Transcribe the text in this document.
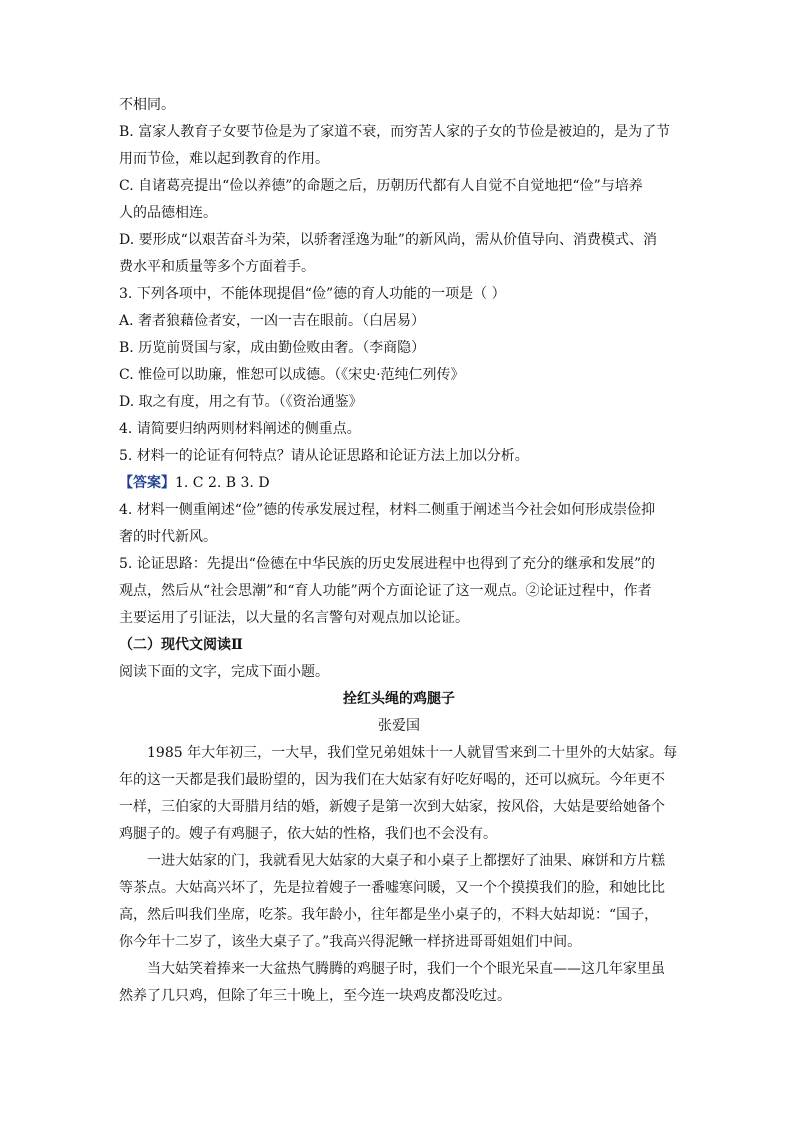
不相同。

B. 富家人教育子女要节俭是为了家道不衰，而穷苦人家的子女的节俭是被迫的，是为了节

用而节俭，难以起到教育的作用。

C. 自诸葛亮提出“俭以养德”的命题之后，历朝历代都有人自觉不自觉地把“俭”与培养

人的品德相连。

D. 要形成“以艰苦奋斗为荣，以骄奢淫逸为耻”的新风尚，需从价值导向、消费模式、消

费水平和质量等多个方面着手。

3. 下列各项中，不能体现提倡“俭”德的育人功能的一项是（ ）

A. 奢者狼藉俭者安，一凶一吉在眼前。（白居易）

B. 历览前贤国与家，成由勤俭败由奢。（李商隐）

C. 惟俭可以助廉，惟恕可以成德。（《宋史·范纯仁列传》

D. 取之有度，用之有节。（《资治通鉴》

4. 请简要归纳两则材料阐述的侧重点。

5. 材料一的论证有何特点？请从论证思路和论证方法上加以分析。

【答案】1. C 2. B 3. D

4. 材料一侧重阐述“俭”德的传承发展过程，材料二侧重于阐述当今社会如何形成崇俭抑

奢的时代新风。

5. 论证思路：先提出“俭德在中华民族的历史发展进程中也得到了充分的继承和发展”的

观点，然后从“社会思潮”和“育人功能”两个方面论证了这一观点。②论证过程中，作者

主要运用了引证法，以大量的名言警句对观点加以论证。

（二）现代文阅读Ⅱ

阅读下面的文字，完成下面小题。

拴红头绳的鸡腿子

张爱国

1985 年大年初三，一大早，我们堂兄弟姐妹十一人就冒雪来到二十里外的大姑家。每

年的这一天都是我们最盼望的，因为我们在大姑家有好吃好喝的，还可以疯玩。今年更不

一样，三伯家的大哥腊月结的婚，新嫂子是第一次到大姑家，按风俗，大姑是要给她备个

鸡腿子的。嫂子有鸡腿子，依大姑的性格，我们也不会没有。

一进大姑家的门，我就看见大姑家的大桌子和小桌子上都摆好了油果、麻饼和方片糕

等茶点。大姑高兴坏了，先是拉着嫂子一番嘘寒问暖，又一个个摸摸我们的脸，和她比比

高，然后叫我们坐席，吃茶。我年龄小，往年都是坐小桌子的，不料大姑却说：“国子，

你今年十二岁了，该坐大桌子了。”我高兴得泥鳅一样挤进哥哥姐姐们中间。

当大姑笑着捧来一大盆热气腾腾的鸡腿子时，我们一个个眼光呆直——这几年家里虽

然养了几只鸡，但除了年三十晚上，至今连一块鸡皮都没吃过。
